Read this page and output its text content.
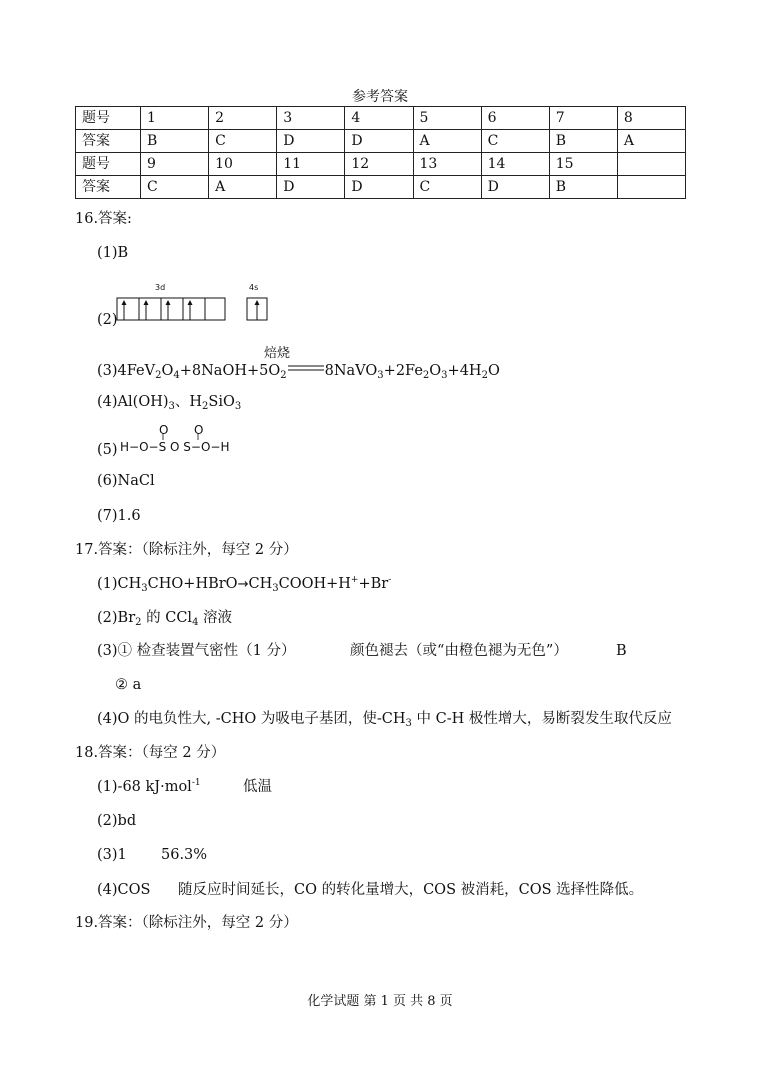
参考答案
题号	1	2	3	4	5	6	7	8
答案	B	C	D	D	A	C	B	A
题号	9	10	11	12	13	14	15	
答案	C	A	D	D	C	D	B	
16.答案:
(1)B
(2)
3d	4s
焙烧
$(3)4FeV_2O_4+8NaOH+5O_2$	$8NaVO_3+2Fe_2O_3+4H_2O$
$(4)Al(OH)_3$、$H_2SiO_3$
(5)
O O
H−O−S O S−O−H
(6)NaCl
(7)1.6
17.答案：（除标注外，每空 2 分）
$(1)CH_3CHO+HBrO\to CH_3COOH+H^++Br^-$
$(2)Br_2$ 的 CCl$_4$ 溶液
(3)① 检查装置气密性（1 分）	颜色褪去（或“由橙色褪为无色”）	B
② a
(4)O 的电负性大, -CHO 为吸电子基团，使$-CH_3$ 中 C-H 极性增大，易断裂发生取代反应
18.答案：（每空 2 分）
(1)-68 kJ·mol$^{-1}$	低温
(2)bd
(3)1 56.3%
(4)COS 随反应时间延长，CO 的转化量增大，COS 被消耗，COS 选择性降低。
19.答案：（除标注外，每空 2 分）
化学试题 第 1 页 共 8 页
